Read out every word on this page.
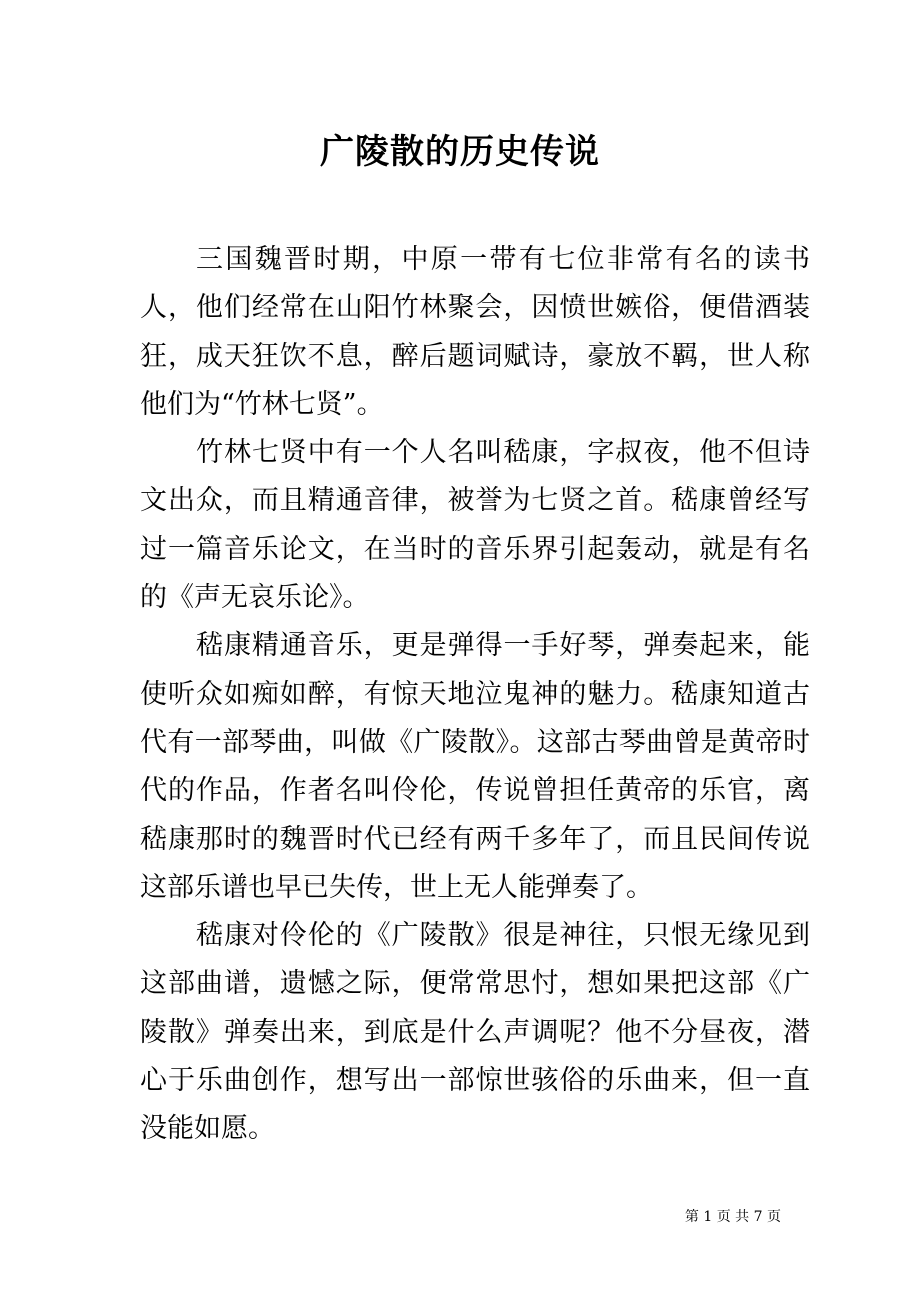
广陵散的历史传说

三国魏晋时期，中原一带有七位非常有名的读书人，他们经常在山阳竹林聚会，因愤世嫉俗，便借酒装狂，成天狂饮不息，醉后题词赋诗，豪放不羁，世人称他们为“竹林七贤”。

竹林七贤中有一个人名叫嵇康，字叔夜，他不但诗文出众，而且精通音律，被誉为七贤之首。嵇康曾经写过一篇音乐论文，在当时的音乐界引起轰动，就是有名的《声无哀乐论》。

嵇康精通音乐，更是弹得一手好琴，弹奏起来，能使听众如痴如醉，有惊天地泣鬼神的魅力。嵇康知道古代有一部琴曲，叫做《广陵散》。这部古琴曲曾是黄帝时代的作品，作者名叫伶伦，传说曾担任黄帝的乐官，离嵇康那时的魏晋时代已经有两千多年了，而且民间传说这部乐谱也早已失传，世上无人能弹奏了。

嵇康对伶伦的《广陵散》很是神往，只恨无缘见到这部曲谱，遗憾之际，便常常思忖，想如果把这部《广陵散》弹奏出来，到底是什么声调呢？他不分昼夜，潜心于乐曲创作，想写出一部惊世骇俗的乐曲来，但一直没能如愿。

第 1 页 共 7 页
